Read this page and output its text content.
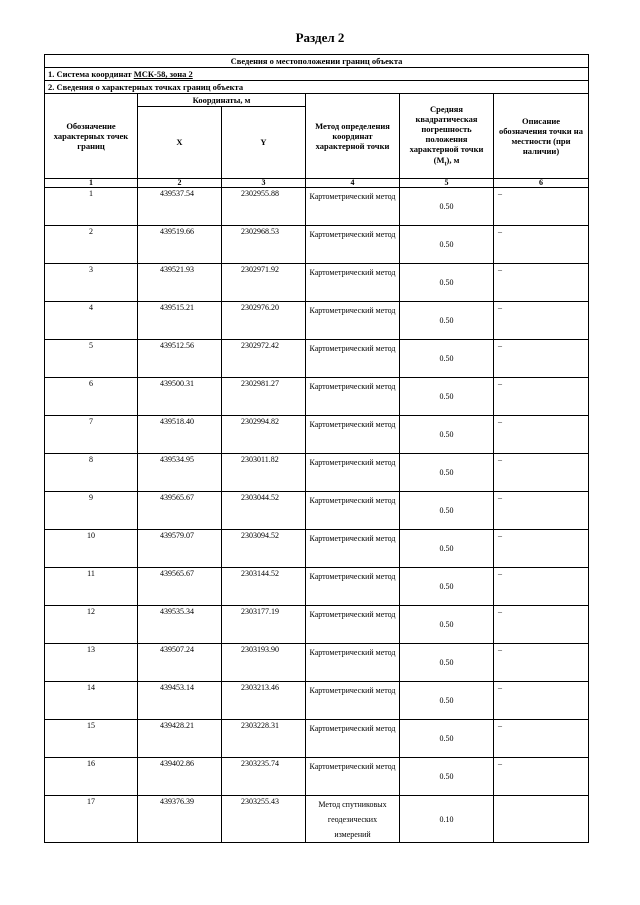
Раздел 2
Сведения о местоположении границ объекта					
1. Система координат МСК-58, зона 2					
2. Сведения о характерных точках границ объекта					
Обозначение характерных точек границ	Координаты, м		Метод определения координат характерной точки	Средняя квадратическая погрешность положения характерной точки $(M_t)$, м	Описание обозначения точки на местности (при наличии)
	X	Y			
1	2	3	4	5	6
1	439537.54	2302955.88	Картометрический метод	0.50	–
2	439519.66	2302968.53	Картометрический метод	0.50	–
3	439521.93	2302971.92	Картометрический метод	0.50	–
4	439515.21	2302976.20	Картометрический метод	0.50	–
5	439512.56	2302972.42	Картометрический метод	0.50	–
6	439500.31	2302981.27	Картометрический метод	0.50	–
7	439518.40	2302994.82	Картометрический метод	0.50	–
8	439534.95	2303011.82	Картометрический метод	0.50	–
9	439565.67	2303044.52	Картометрический метод	0.50	–
10	439579.07	2303094.52	Картометрический метод	0.50	–
11	439565.67	2303144.52	Картометрический метод	0.50	–
12	439535.34	2303177.19	Картометрический метод	0.50	–
13	439507.24	2303193.90	Картометрический метод	0.50	–
14	439453.14	2303213.46	Картометрический метод	0.50	–
15	439428.21	2303228.31	Картометрический метод	0.50	–
16	439402.86	2303235.74	Картометрический метод	0.50	–
17	439376.39	2303255.43	Метод спутниковых геодезических измерений	0.10	
